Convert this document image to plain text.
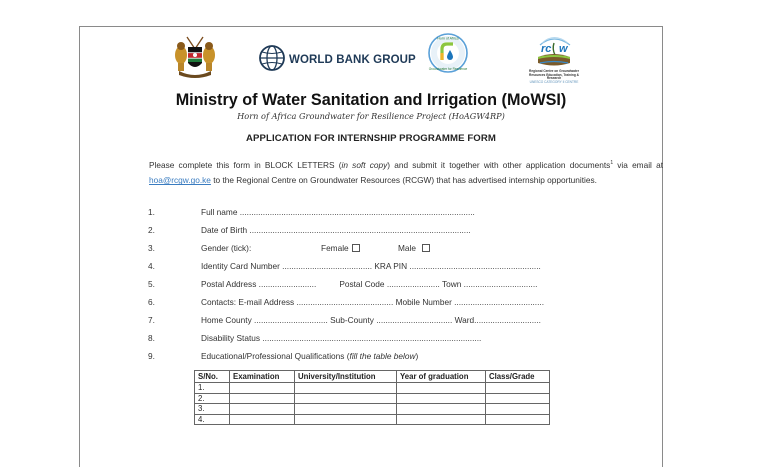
WORLD BANK GROUP
Horn of Africa
Groundwater for Resilience
rc w
Regional Centre on Groundwater
Resources Education, Training & Research
UNESCO CATEGORY II CENTRE
Ministry of Water Sanitation and Irrigation (MoWSI)
Horn of Africa Groundwater for Resilience Project (HoAGW4RP)
APPLICATION FOR INTERNSHIP PROGRAMME FORM
Please complete this form in BLOCK LETTERS (in soft copy) and submit it together with other application documents$^1$ via email at hoa@rcgw.go.ke to the Regional Centre on Groundwater Resources (RCGW) that has advertised internship opportunities.
1.	Full name ......................................................................................................
2.	Date of Birth ................................................................................................
3.	Gender (tick):	Female	Male
4.	Identity Card Number ....................................... KRA PIN .........................................................
5.	Postal Address .........................          Postal Code ....................... Town ................................
6.	Contacts: E-mail Address .......................................... Mobile Number .......................................
7.	Home County ................................ Sub-County ................................. Ward.............................
8.	Disability Status ...............................................................................................
9.	Educational/Professional Qualifications (fill the table below)
S/No.	Examination	University/Institution	Year of graduation	Class/Grade
1.				
2.				
3.				
4.				
